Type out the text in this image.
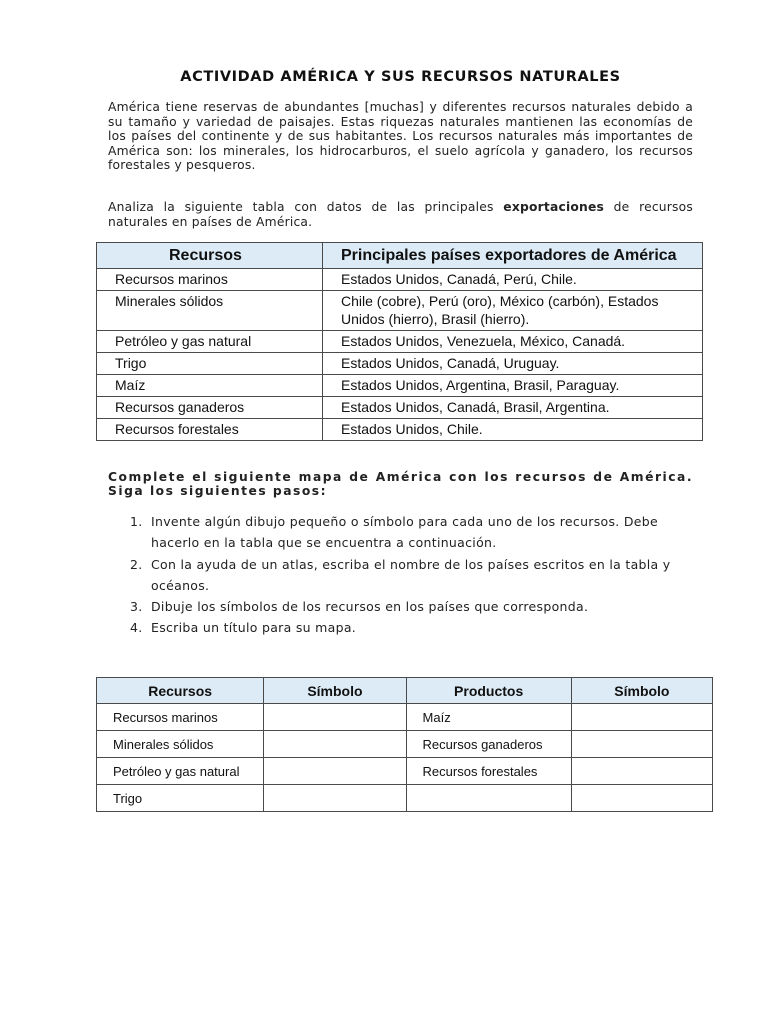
ACTIVIDAD AMÉRICA Y SUS RECURSOS NATURALES
América tiene reservas de abundantes [muchas] y diferentes recursos naturales debido a su tamaño y variedad de paisajes. Estas riquezas naturales mantienen las economías de los países del continente y de sus habitantes. Los recursos naturales más importantes de América son: los minerales, los hidrocarburos, el suelo agrícola y ganadero, los recursos forestales y pesqueros.
Analiza la siguiente tabla con datos de las principales exportaciones de recursos naturales en países de América.
Recursos	Principales países exportadores de América
Recursos marinos	Estados Unidos, Canadá, Perú, Chile.
Minerales sólidos	Chile (cobre), Perú (oro), México (carbón), Estados Unidos (hierro), Brasil (hierro).
Petróleo y gas natural	Estados Unidos, Venezuela, México, Canadá.
Trigo	Estados Unidos, Canadá, Uruguay.
Maíz	Estados Unidos, Argentina, Brasil, Paraguay.
Recursos ganaderos	Estados Unidos, Canadá, Brasil, Argentina.
Recursos forestales	Estados Unidos, Chile.
Complete el siguiente mapa de América con los recursos de América. Siga los siguientes pasos:
1. Invente algún dibujo pequeño o símbolo para cada uno de los recursos. Debe hacerlo en la tabla que se encuentra a continuación.
2. Con la ayuda de un atlas, escriba el nombre de los países escritos en la tabla y océanos.
3. Dibuje los símbolos de los recursos en los países que corresponda.
4. Escriba un título para su mapa.
Recursos	Símbolo	Productos	Símbolo
Recursos marinos		Maíz	
Minerales sólidos		Recursos ganaderos	
Petróleo y gas natural		Recursos forestales	
Trigo			
